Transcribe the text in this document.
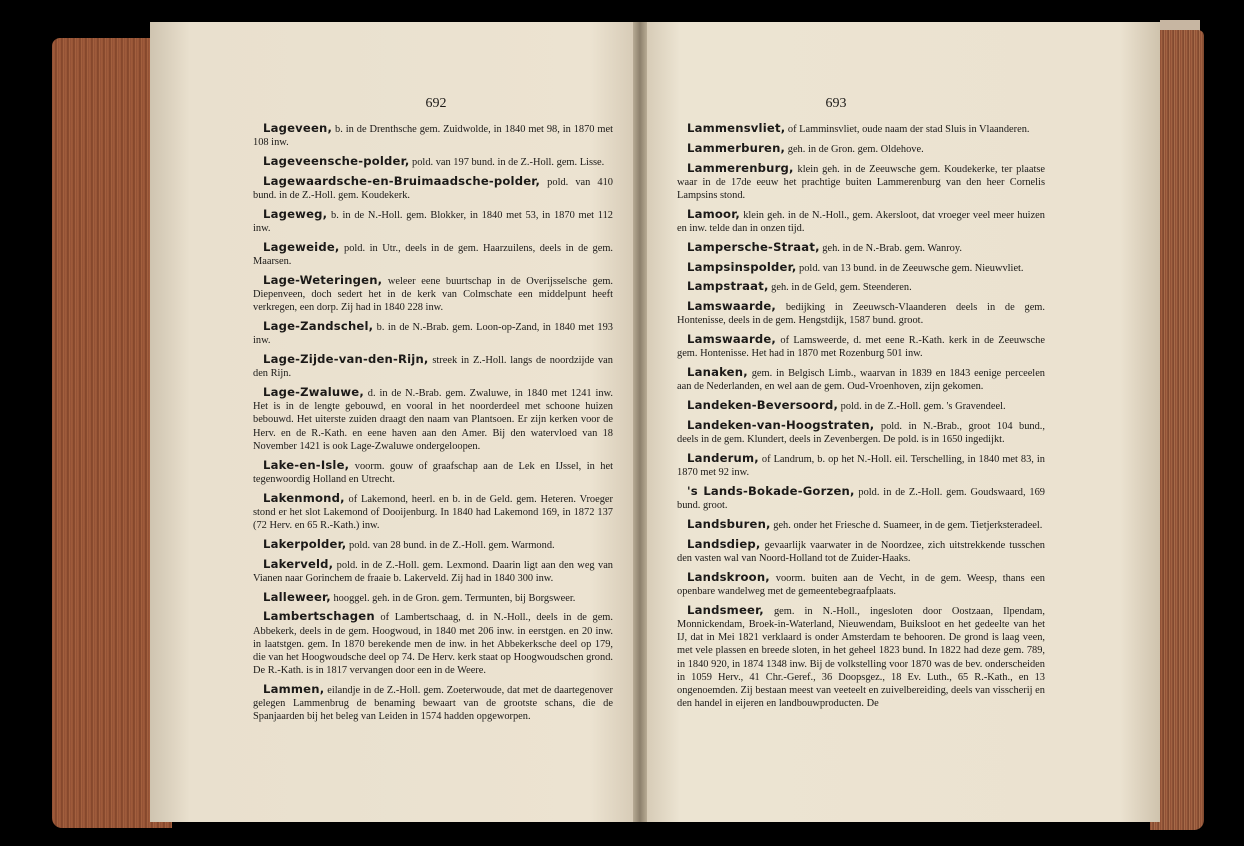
692

Lageveen, b. in de Drenthsche gem. Zuidwolde, in 1840 met 98, in 1870 met 108 inw.

Lageveensche-polder, pold. van 197 bund. in de Z.-Holl. gem. Lisse.

Lagewaardsche-en-Bruimaadsche-polder, pold. van 410 bund. in de Z.-Holl. gem. Koudekerk.

Lageweg, b. in de N.-Holl. gem. Blokker, in 1840 met 53, in 1870 met 112 inw.

Lageweide, pold. in Utr., deels in de gem. Haarzuilens, deels in de gem. Maarsen.

Lage-Weteringen, weleer eene buurtschap in de Overijsselsche gem. Diepenveen, doch sedert het in de kerk van Colmschate een middelpunt heeft verkregen, een dorp. Zij had in 1840 228 inw.

Lage-Zandschel, b. in de N.-Brab. gem. Loon-op-Zand, in 1840 met 193 inw.

Lage-Zijde-van-den-Rijn, streek in Z.-Holl. langs de noordzijde van den Rijn.

Lage-Zwaluwe, d. in de N.-Brab. gem. Zwaluwe, in 1840 met 1241 inw. Het is in de lengte gebouwd, en vooral in het noorderdeel met schoone huizen bebouwd. Het uiterste zuiden draagt den naam van Plantsoen. Er zijn kerken voor de Herv. en de R.-Kath. en eene haven aan den Amer. Bij den watervloed van 18 November 1421 is ook Lage-Zwaluwe ondergeloopen.

Lake-en-Isle, voorm. gouw of graafschap aan de Lek en IJssel, in het tegenwoordig Holland en Utrecht.

Lakenmond, of Lakemond, heerl. en b. in de Geld. gem. Heteren. Vroeger stond er het slot Lakemond of Dooijenburg. In 1840 had Lakemond 169, in 1872 137 (72 Herv. en 65 R.-Kath.) inw.

Lakerpolder, pold. van 28 bund. in de Z.-Holl. gem. Warmond.

Lakerveld, pold. in de Z.-Holl. gem. Lexmond. Daarin ligt aan den weg van Vianen naar Gorinchem de fraaie b. Lakerveld. Zij had in 1840 300 inw.

Lalleweer, hooggel. geh. in de Gron. gem. Termunten, bij Borgsweer.

Lambertschagen of Lambertschaag, d. in N.-Holl., deels in de gem. Abbekerk, deels in de gem. Hoogwoud, in 1840 met 206 inw. in eerstgen. en 20 inw. in laatstgen. gem. In 1870 berekende men de inw. in het Abbekerksche deel op 179, die van het Hoogwoudsche deel op 74. De Herv. kerk staat op Hoogwoudschen grond. De R.-Kath. is in 1817 vervangen door een in de Weere.

Lammen, eilandje in de Z.-Holl. gem. Zoeterwoude, dat met de daartegenover gelegen Lammenbrug de benaming bewaart van de grootste schans, die de Spanjaarden bij het beleg van Leiden in 1574 hadden opgeworpen.

693

Lammensvliet, of Lamminsvliet, oude naam der stad Sluis in Vlaanderen.

Lammerburen, geh. in de Gron. gem. Oldehove.

Lammerenburg, klein geh. in de Zeeuwsche gem. Koudekerke, ter plaatse waar in de 17de eeuw het prachtige buiten Lammerenburg van den heer Cornelis Lampsins stond.

Lamoor, klein geh. in de N.-Holl., gem. Akersloot, dat vroeger veel meer huizen en inw. telde dan in onzen tijd.

Lampersche-Straat, geh. in de N.-Brab. gem. Wanroy.

Lampsinspolder, pold. van 13 bund. in de Zeeuwsche gem. Nieuwvliet.

Lampstraat, geh. in de Geld, gem. Steenderen.

Lamswaarde, bedijking in Zeeuwsch-Vlaanderen deels in de gem. Hontenisse, deels in de gem. Hengstdijk, 1587 bund. groot.

Lamswaarde, of Lamsweerde, d. met eene R.-Kath. kerk in de Zeeuwsche gem. Hontenisse. Het had in 1870 met Rozenburg 501 inw.

Lanaken, gem. in Belgisch Limb., waarvan in 1839 en 1843 eenige perceelen aan de Nederlanden, en wel aan de gem. Oud-Vroenhoven, zijn gekomen.

Landeken-Beversoord, pold. in de Z.-Holl. gem. 's Gravendeel.

Landeken-van-Hoogstraten, pold. in N.-Brab., groot 104 bund., deels in de gem. Klundert, deels in Zevenbergen. De pold. is in 1650 ingedijkt.

Landerum, of Landrum, b. op het N.-Holl. eil. Terschelling, in 1840 met 83, in 1870 met 92 inw.

's Lands-Bokade-Gorzen, pold. in de Z.-Holl. gem. Goudswaard, 169 bund. groot.

Landsburen, geh. onder het Friesche d. Suameer, in de gem. Tietjerksteradeel.

Landsdiep, gevaarlijk vaarwater in de Noordzee, zich uitstrekkende tusschen den vasten wal van Noord-Holland tot de Zuider-Haaks.

Landskroon, voorm. buiten aan de Vecht, in de gem. Weesp, thans een openbare wandelweg met de gemeentebegraafplaats.

Landsmeer, gem. in N.-Holl., ingesloten door Oostzaan, Ilpendam, Monnickendam, Broek-in-Waterland, Nieuwendam, Buiksloot en het gedeelte van het IJ, dat in Mei 1821 verklaard is onder Amsterdam te behooren. De grond is laag veen, met vele plassen en breede sloten, in het geheel 1823 bund. In 1822 had deze gem. 789, in 1840 920, in 1874 1348 inw. Bij de volkstelling voor 1870 was de bev. onderscheiden in 1059 Herv., 41 Chr.-Geref., 36 Doopsgez., 18 Ev. Luth., 65 R.-Kath., en 13 ongenoemden. Zij bestaan meest van veeteelt en zuivelbereiding, deels van visscherij en den handel in eijeren en landbouwproducten. De
